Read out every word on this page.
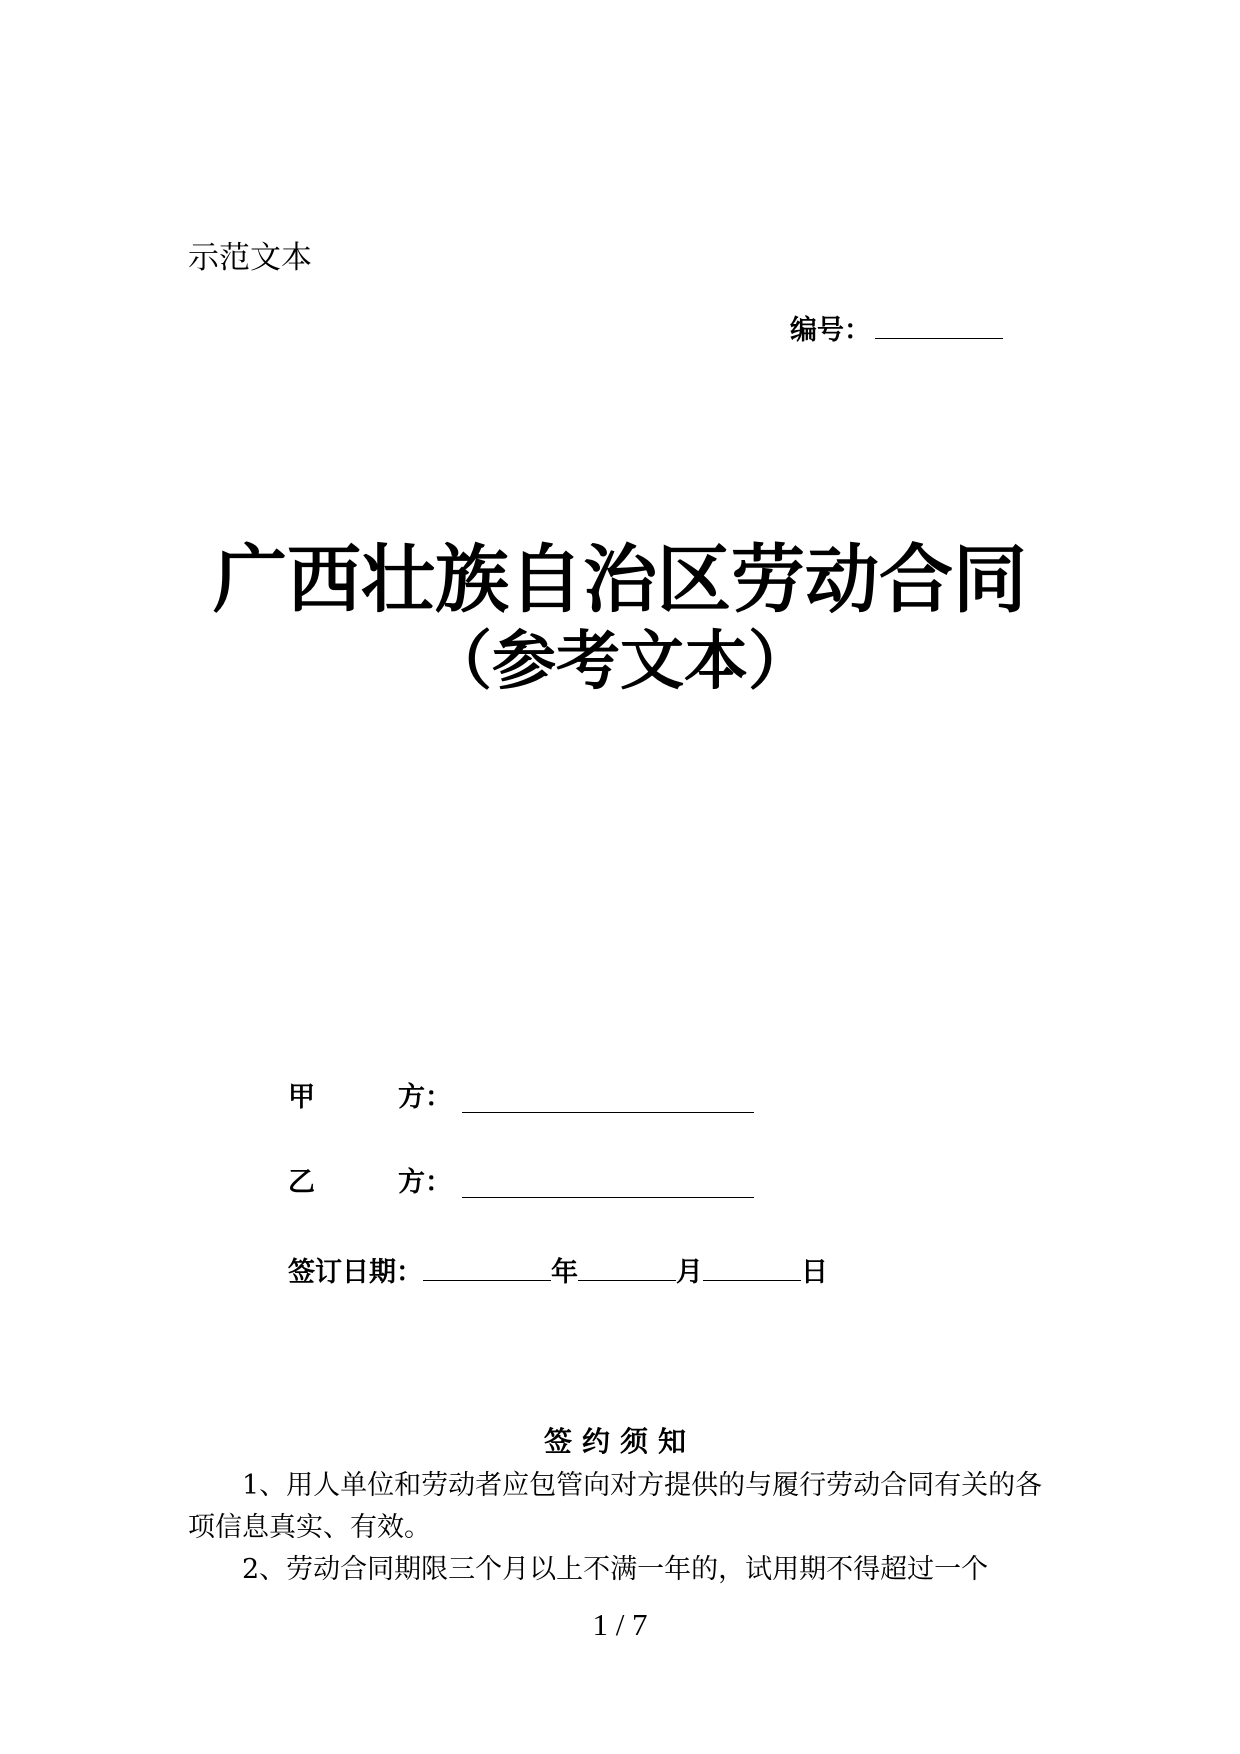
示范文本
编号：
广西壮族自治区劳动合同
（参考文本）
甲	方：
乙	方：
签订日期：	年	月	日
签约须知

1、用人单位和劳动者应包管向对方提供的与履行劳动合同有关的各项信息真实、有效。

2、劳动合同期限三个月以上不满一年的，试用期不得超过一个

1 / 7
